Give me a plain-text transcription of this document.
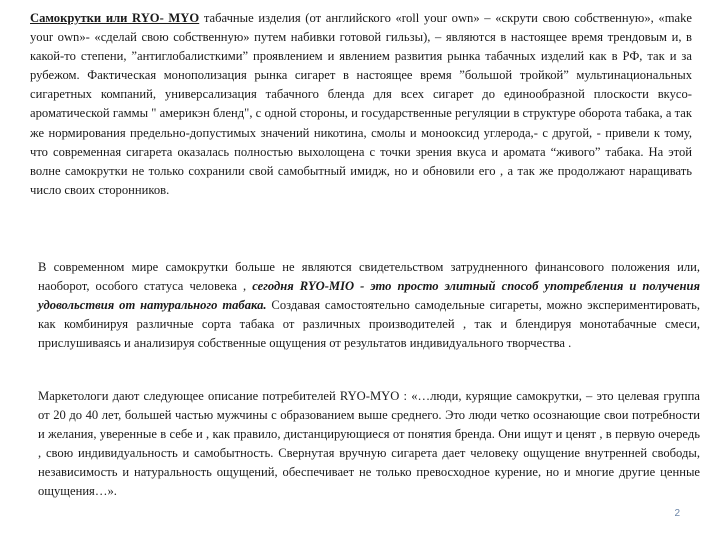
Самокрутки или RYO- MYO табачные изделия (от английского «roll your own» – «скрути свою собственную», «make your own»- «сделай свою собственную» путем набивки готовой гильзы), – являются в настоящее время трендовым и, в какой-то степени, ”антиглобалисткими” проявлением и явлением развития рынка табачных изделий как в РФ, так и за рубежом. Фактическая монополизация рынка сигарет в настоящее время ”большой тройкой” мультинациональных сигаретных компаний, универсализация табачного бленда для всех сигарет до единообразной плоскости вкусо-ароматической гаммы " америкэн бленд", с одной стороны, и государственные регуляции в структуре оборота табака, а так же нормирования предельно-допустимых значений никотина, смолы и монооксид углерода,- с другой, - привели к тому, что современная сигарета оказалась полностью выхолощена с точки зрения вкуса и аромата “живого” табака. На этой волне самокрутки не только сохранили свой самобытный имидж, но и обновили его , а так же продолжают наращивать число своих сторонников.

В современном мире самокрутки больше не являются свидетельством затрудненного финансового положения или, наоборот, особого статуса человека , сегодня RYO-MIO - это просто элитный способ употребления и получения удовольствия от натурального табака. Создавая самостоятельно самодельные сигареты, можно экспериментировать, как комбинируя различные сорта табака от различных производителей , так и блендируя монотабачные смеси, прислушиваясь и анализируя собственные ощущения от результатов индивидуального творчества .

Маркетологи дают следующее описание потребителей RYO-MYO : «…люди, курящие самокрутки, – это целевая группа от 20 до 40 лет, большей частью мужчины с образованием выше среднего. Это люди четко осознающие свои потребности и желания, уверенные в себе и , как правило, дистанцирующиеся от понятия бренда. Они ищут и ценят , в первую очередь , свою индивидуальность и самобытность. Свернутая вручную сигарета дает человеку ощущение внутренней свободы, независимость и натуральность ощущений, обеспечивает не только превосходное курение, но и многие другие ценные ощущения…».

2
